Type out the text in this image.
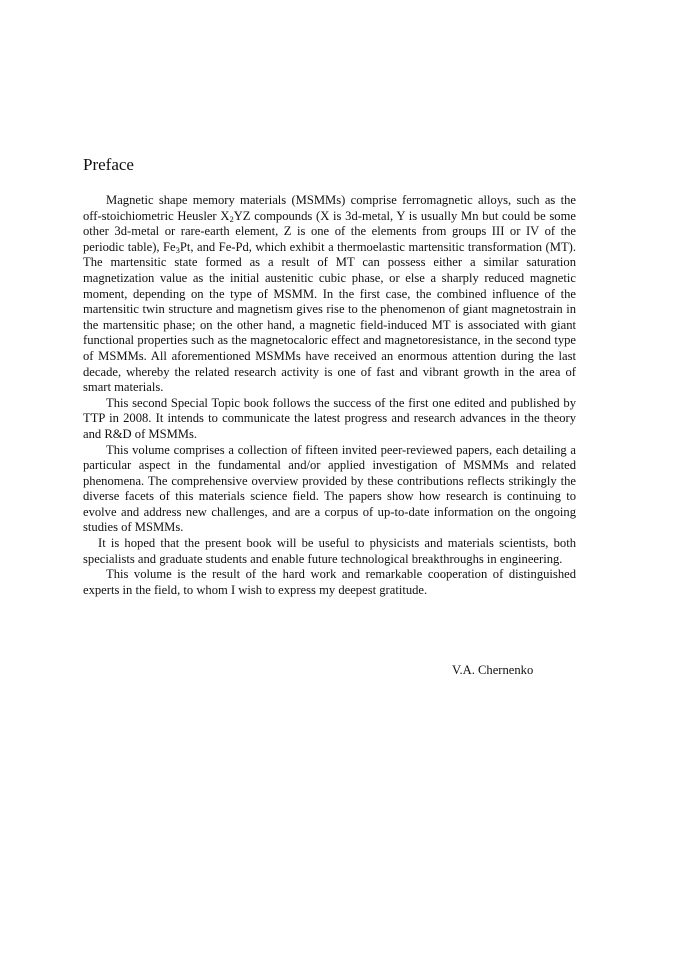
Preface

Magnetic shape memory materials (MSMMs) comprise ferromagnetic alloys, such as the off-stoichiometric Heusler $X_2YZ$ compounds (X is 3d-metal, Y is usually Mn but could be some other 3d-metal or rare-earth element, Z is one of the elements from groups III or IV of the periodic table), $Fe_3Pt$, and Fe-Pd, which exhibit a thermoelastic martensitic transformation (MT). The martensitic state formed as a result of MT can possess either a similar saturation magnetization value as the initial austenitic cubic phase, or else a sharply reduced magnetic moment, depending on the type of MSMM. In the first case, the combined influence of the martensitic twin structure and magnetism gives rise to the phenomenon of giant magnetostrain in the martensitic phase; on the other hand, a magnetic field-induced MT is associated with giant functional properties such as the magnetocaloric effect and magnetoresistance, in the second type of MSMMs. All aforementioned MSMMs have received an enormous attention during the last decade, whereby the related research activity is one of fast and vibrant growth in the area of smart materials.

This second Special Topic book follows the success of the first one edited and published by TTP in 2008. It intends to communicate the latest progress and research advances in the theory and R&D of MSMMs.

This volume comprises a collection of fifteen invited peer-reviewed papers, each detailing a particular aspect in the fundamental and/or applied investigation of MSMMs and related phenomena. The comprehensive overview provided by these contributions reflects strikingly the diverse facets of this materials science field. The papers show how research is continuing to evolve and address new challenges, and are a corpus of up-to-date information on the ongoing studies of MSMMs.

It is hoped that the present book will be useful to physicists and materials scientists, both specialists and graduate students and enable future technological breakthroughs in engineering.

This volume is the result of the hard work and remarkable cooperation of distinguished experts in the field, to whom I wish to express my deepest gratitude.

V.A. Chernenko
